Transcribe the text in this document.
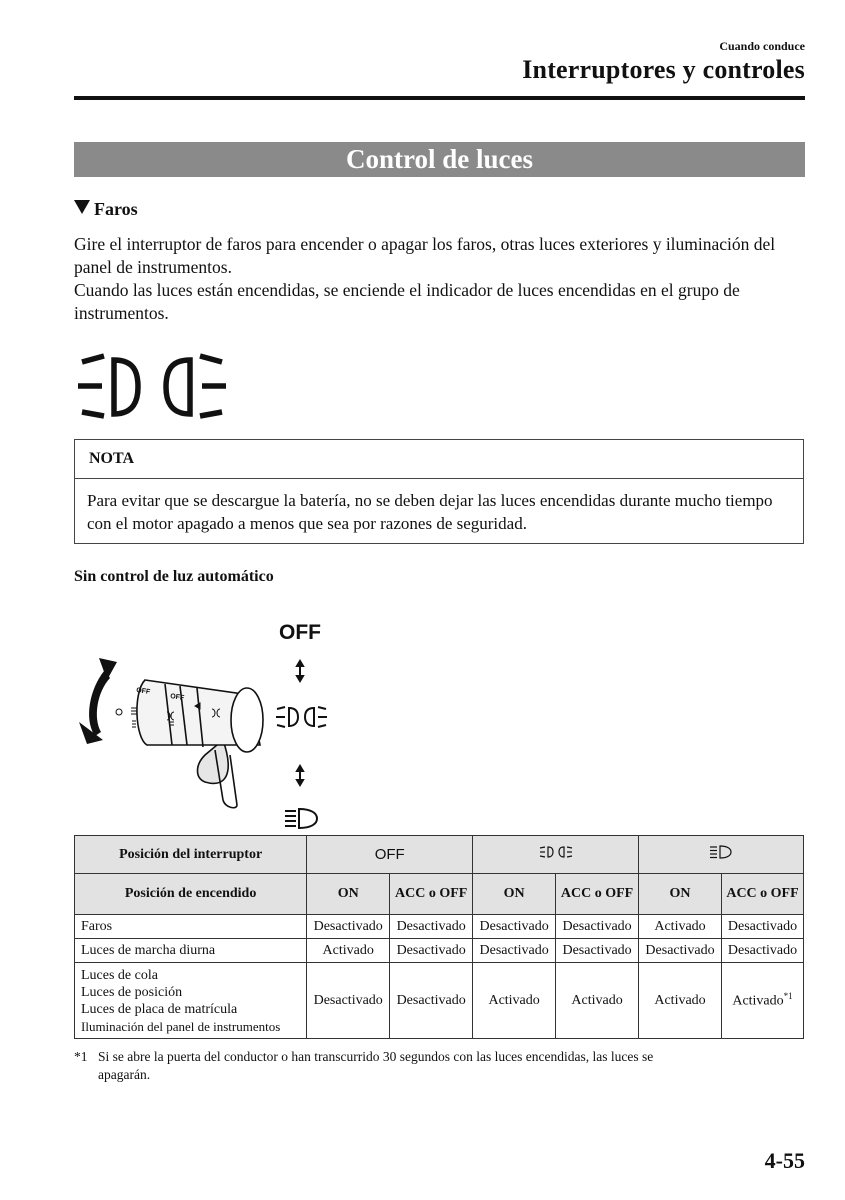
Cuando conduce
Interruptores y controles
Control de luces
Faros
Gire el interruptor de faros para encender o apagar los faros, otras luces exteriores y iluminación del panel de instrumentos.
Cuando las luces están encendidas, se enciende el indicador de luces encendidas en el grupo de instrumentos.
NOTA
Para evitar que se descargue la batería, no se deben dejar las luces encendidas durante mucho tiempo con el motor apagado a menos que sea por razones de seguridad.
Sin control de luz automático
OFF
OFF
OFF
Posición del interruptor	OFF		
Posición de encendido	ON	ACC o OFF	ON	ACC o OFF	ON	ACC o OFF
Faros	Desactivado	Desactivado	Desactivado	Desactivado	Activado	Desactivado
Luces de marcha diurna	Activado	Desactivado	Desactivado	Desactivado	Desactivado	Desactivado

Luces de cola
Luces de posición
Luces de placa de matrícula
Iluminación del panel de instrumentos	Desactivado	Desactivado	Activado	Activado	Activado	Activado$^{*1}$
*1 Si se abre la puerta del conductor o han transcurrido 30 segundos con las luces encendidas, las luces se
apagarán.
4-55
